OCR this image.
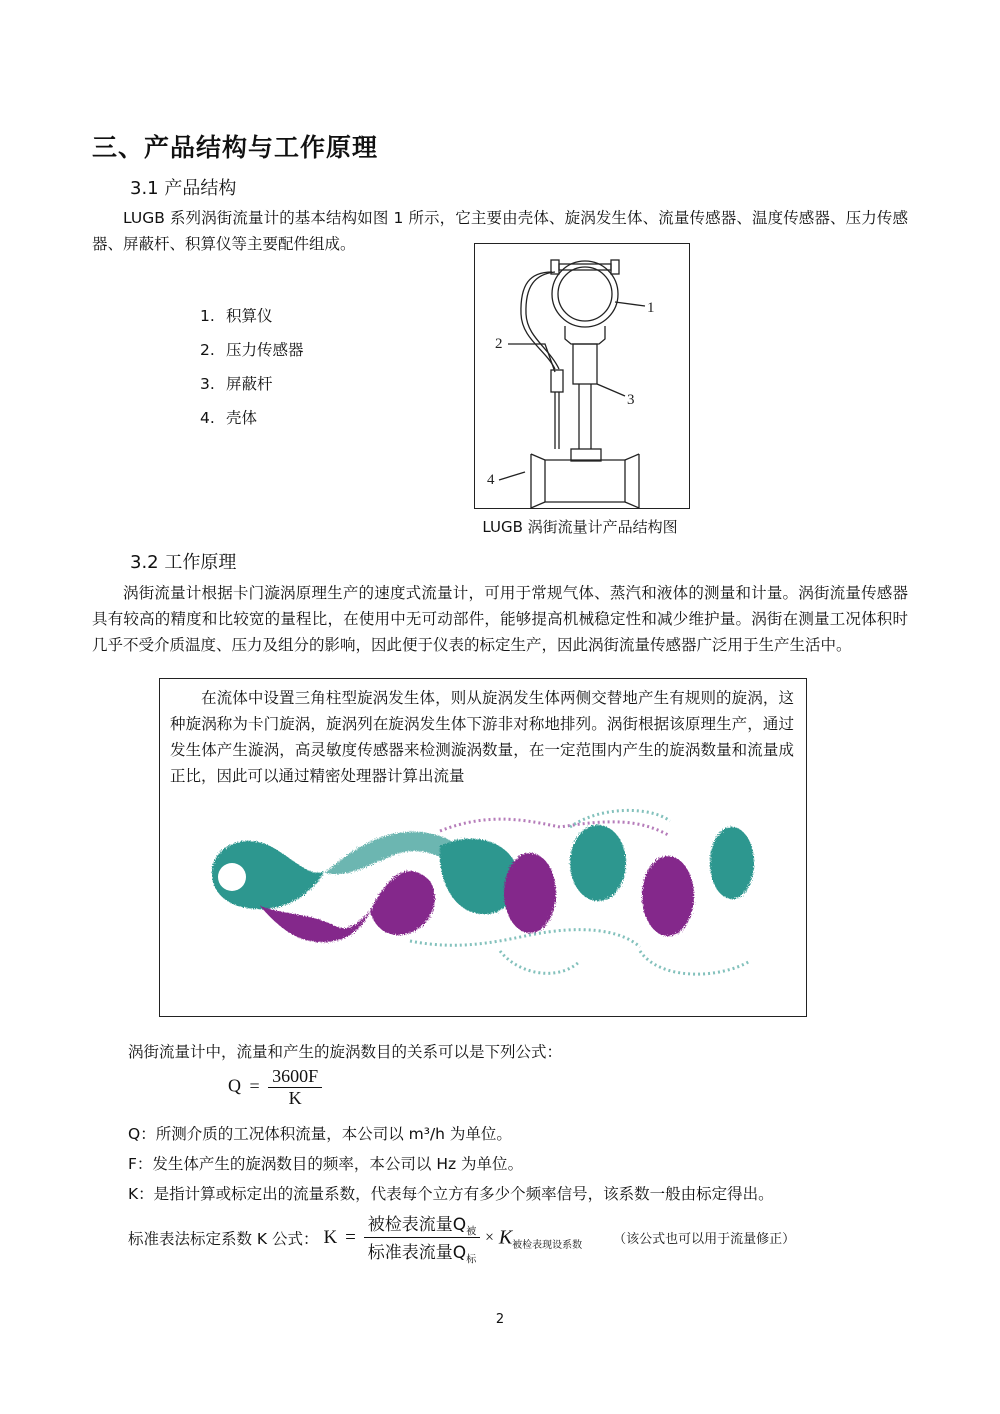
三、产品结构与工作原理
3.1 产品结构
LUGB 系列涡街流量计的基本结构如图 1 所示，它主要由壳体、旋涡发生体、流量传感器、温度传感器、压力传感器、屏蔽杆、积算仪等主要配件组成。
1. 积算仪
2. 压力传感器
3. 屏蔽杆
4. 壳体
1
2
3
4
LUGB 涡街流量计产品结构图
3.2 工作原理
涡街流量计根据卡门漩涡原理生产的速度式流量计，可用于常规气体、蒸汽和液体的测量和计量。涡街流量传感器具有较高的精度和比较宽的量程比，在使用中无可动部件，能够提高机械稳定性和减少维护量。涡街在测量工况体积时几乎不受介质温度、压力及组分的影响，因此便于仪表的标定生产，因此涡街流量传感器广泛用于生产生活中。
在流体中设置三角柱型旋涡发生体，则从旋涡发生体两侧交替地产生有规则的旋涡，这种旋涡称为卡门旋涡，旋涡列在旋涡发生体下游非对称地排列。涡街根据该原理生产，通过发生体产生漩涡，高灵敏度传感器来检测漩涡数量，在一定范围内产生的旋涡数量和流量成正比，因此可以通过精密处理器计算出流量
涡街流量计中，流量和产生的旋涡数目的关系可以是下列公式：
$Q = \frac{3600F}{K}$
Q：所测介质的工况体积流量，本公司以 m³/h 为单位。
F：发生体产生的旋涡数目的频率，本公司以 Hz 为单位。
K：是指计算或标定出的流量系数，代表每个立方有多少个频率信号，该系数一般由标定得出。
标准表法标定系数 K 公式： $K = \frac{被检表流量Q_被}{标准表流量Q_标} \times K_{被检表现设系数}$ （该公式也可以用于流量修正）
2
